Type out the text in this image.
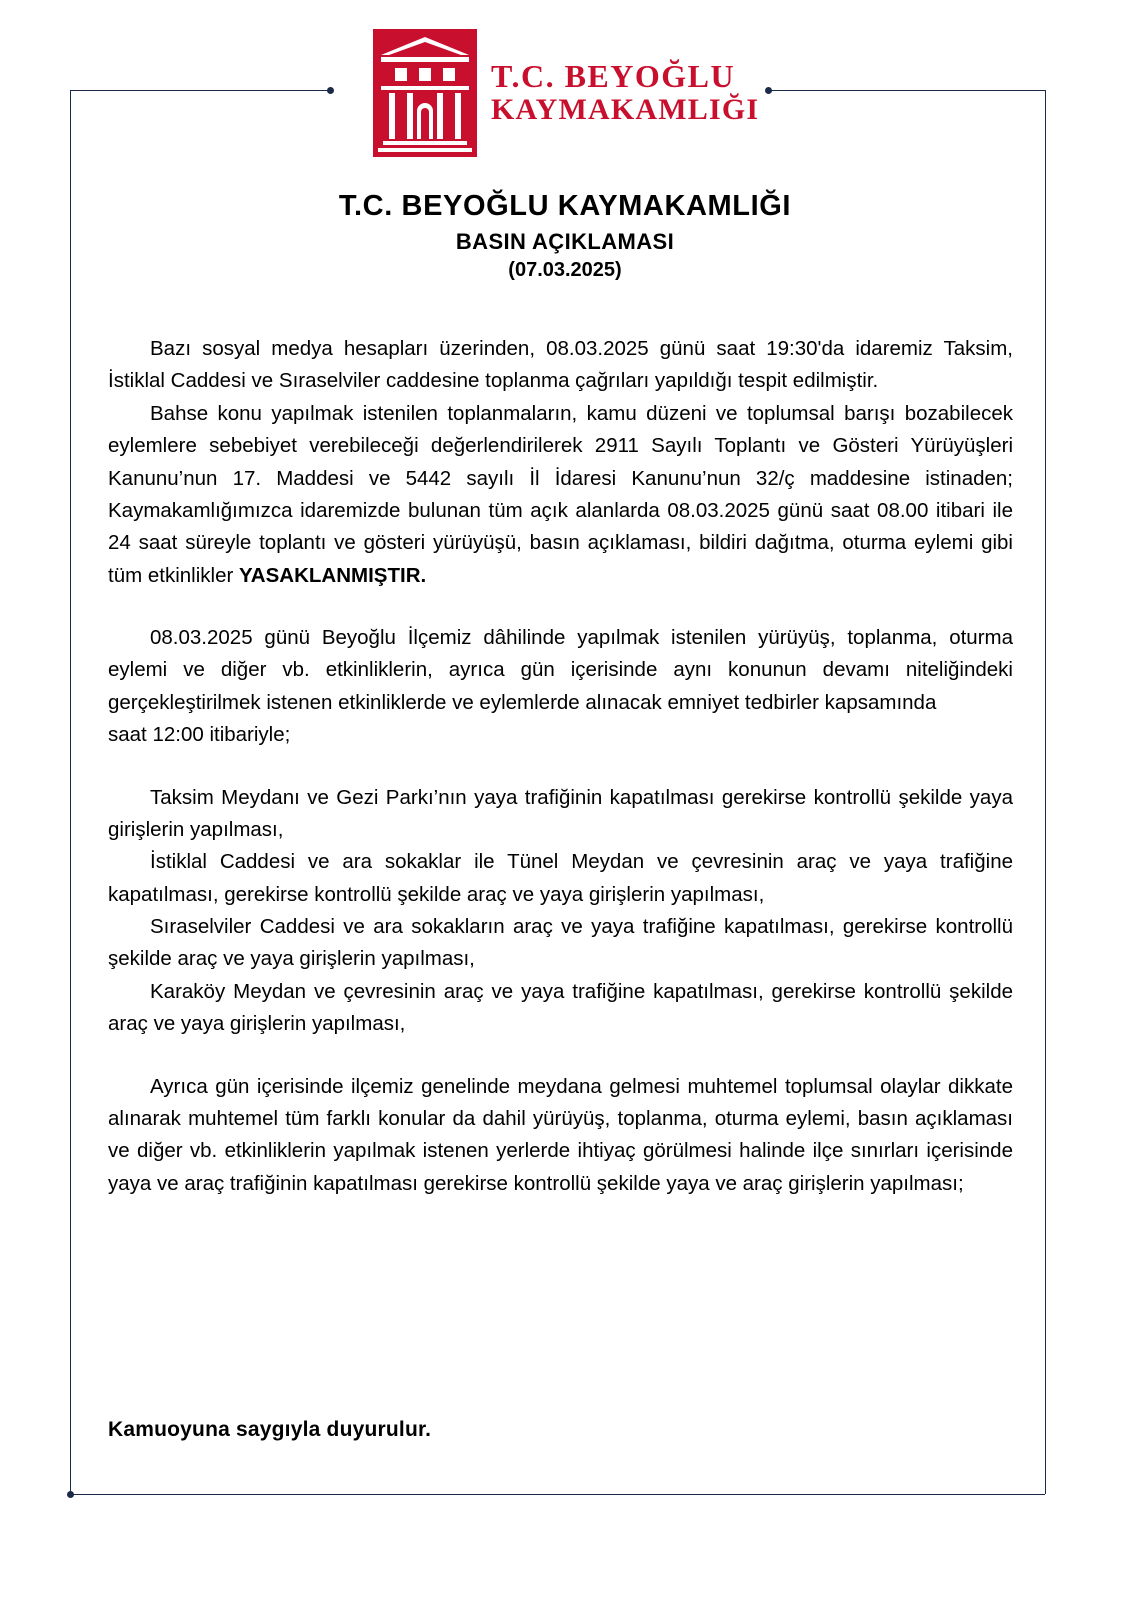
T.C. BEYOĞLU
KAYMAKAMLIĞI
T.C. BEYOĞLU KAYMAKAMLIĞI
BASIN AÇIKLAMASI
(07.03.2025)

Bazı sosyal medya hesapları üzerinden, 08.03.2025 günü saat 19:30'da idaremiz Taksim, İstiklal Caddesi ve Sıraselviler caddesine toplanma çağrıları yapıldığı tespit edilmiştir.

Bahse konu yapılmak istenilen toplanmaların, kamu düzeni ve toplumsal barışı bozabilecek eylemlere sebebiyet verebileceği değerlendirilerek 2911 Sayılı Toplantı ve Gösteri Yürüyüşleri Kanunu’nun 17. Maddesi ve 5442 sayılı İl İdaresi Kanunu’nun 32/ç maddesine istinaden; Kaymakamlığımızca idaremizde bulunan tüm açık alanlarda 08.03.2025 günü saat 08.00 itibari ile 24 saat süreyle toplantı ve gösteri yürüyüşü, basın açıklaması, bildiri dağıtma, oturma eylemi gibi tüm etkinlikler YASAKLANMIŞTIR.

08.03.2025 günü Beyoğlu İlçemiz dâhilinde yapılmak istenilen yürüyüş, toplanma, oturma eylemi ve diğer vb. etkinliklerin, ayrıca gün içerisinde aynı konunun devamı niteliğindeki gerçekleştirilmek istenen etkinliklerde ve eylemlerde alınacak emniyet tedbirler kapsamında

saat 12:00 itibariyle;

Taksim Meydanı ve Gezi Parkı’nın yaya trafiğinin kapatılması gerekirse kontrollü şekilde yaya girişlerin yapılması,

İstiklal Caddesi ve ara sokaklar ile Tünel Meydan ve çevresinin araç ve yaya trafiğine kapatılması, gerekirse kontrollü şekilde araç ve yaya girişlerin yapılması,

Sıraselviler Caddesi ve ara sokakların araç ve yaya trafiğine kapatılması, gerekirse kontrollü şekilde araç ve yaya girişlerin yapılması,

Karaköy Meydan ve çevresinin araç ve yaya trafiğine kapatılması, gerekirse kontrollü şekilde araç ve yaya girişlerin yapılması,

Ayrıca gün içerisinde ilçemiz genelinde meydana gelmesi muhtemel toplumsal olaylar dikkate alınarak muhtemel tüm farklı konular da dahil yürüyüş, toplanma, oturma eylemi, basın açıklaması ve diğer vb. etkinliklerin yapılmak istenen yerlerde ihtiyaç görülmesi halinde ilçe sınırları içerisinde yaya ve araç trafiğinin kapatılması gerekirse kontrollü şekilde yaya ve araç girişlerin yapılması;

Kamuoyuna saygıyla duyurulur.
